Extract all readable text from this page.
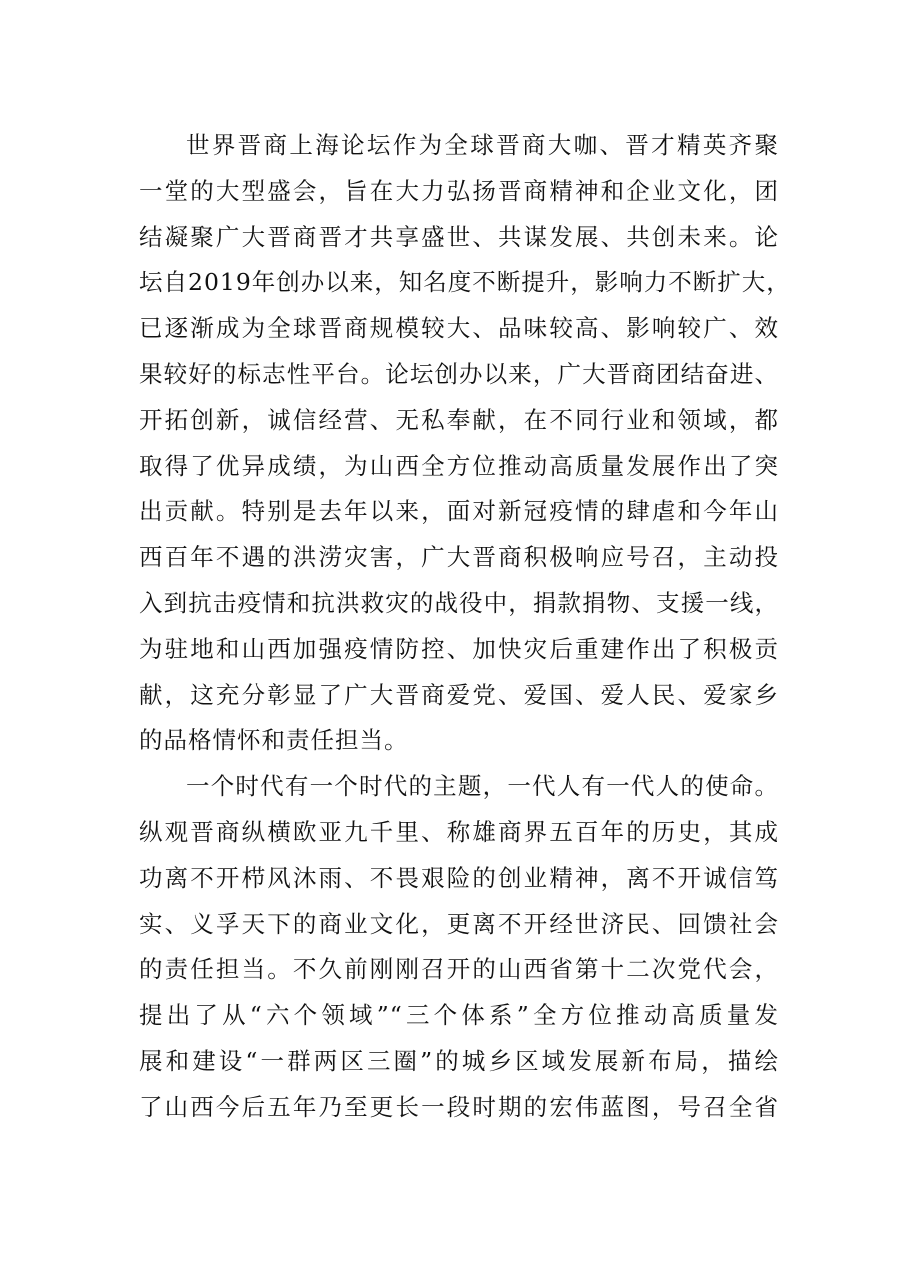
世界晋商上海论坛作为全球晋商大咖、晋才精英齐聚
一堂的大型盛会，旨在大力弘扬晋商精神和企业文化，团
结凝聚广大晋商晋才共享盛世、共谋发展、共创未来。论
坛自2019年创办以来，知名度不断提升，影响力不断扩大，
已逐渐成为全球晋商规模较大、品味较高、影响较广、效
果较好的标志性平台。论坛创办以来，广大晋商团结奋进、
开拓创新，诚信经营、无私奉献，在不同行业和领域，都
取得了优异成绩，为山西全方位推动高质量发展作出了突
出贡献。特别是去年以来，面对新冠疫情的肆虐和今年山
西百年不遇的洪涝灾害，广大晋商积极响应号召，主动投
入到抗击疫情和抗洪救灾的战役中，捐款捐物、支援一线，
为驻地和山西加强疫情防控、加快灾后重建作出了积极贡
献，这充分彰显了广大晋商爱党、爱国、爱人民、爱家乡
的品格情怀和责任担当。
一个时代有一个时代的主题，一代人有一代人的使命。
纵观晋商纵横欧亚九千里、称雄商界五百年的历史，其成
功离不开栉风沐雨、不畏艰险的创业精神，离不开诚信笃
实、义孚天下的商业文化，更离不开经世济民、回馈社会
的责任担当。不久前刚刚召开的山西省第十二次党代会，
提出了从“六个领域”“三个体系”全方位推动高质量发
展和建设“一群两区三圈”的城乡区域发展新布局，描绘
了山西今后五年乃至更长一段时期的宏伟蓝图，号召全省
